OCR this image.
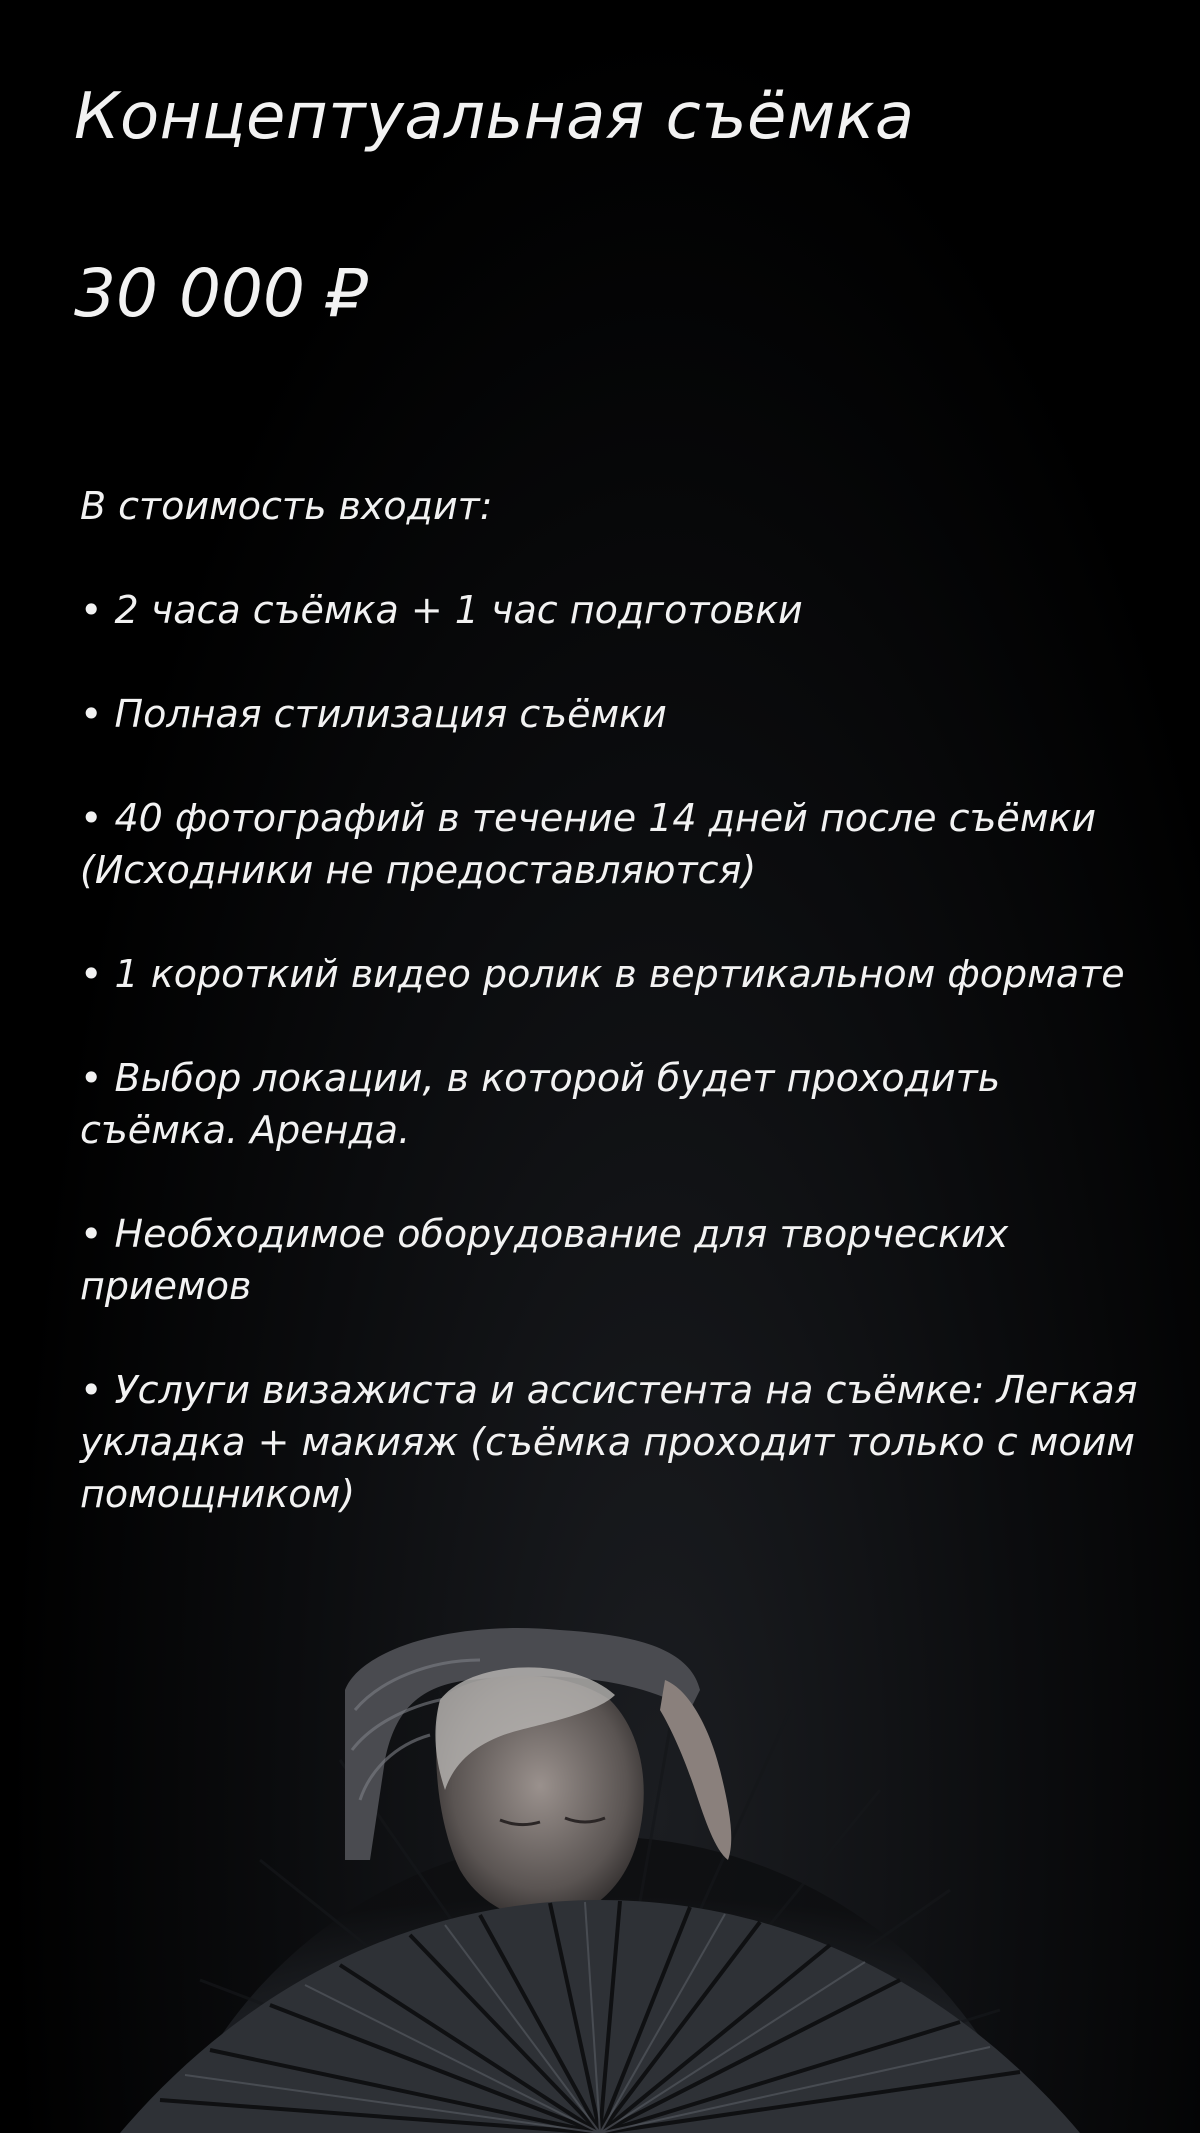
Концептуальная съёмка
30 000 ₽

В стоимость входит:

• 2 часа съёмка + 1 час подготовки
• Полная стилизация съёмки
• 40 фотографий в течение 14 дней после съёмки (Исходники не предоставляются)
• 1 короткий видео ролик в вертикальном формате
• Выбор локации, в которой будет проходить съёмка. Аренда.
• Необходимое оборудование для творческих приемов
• Услуги визажиста и ассистента на съёмке: Легкая укладка + макияж (съёмка проходит только с моим помощником)
